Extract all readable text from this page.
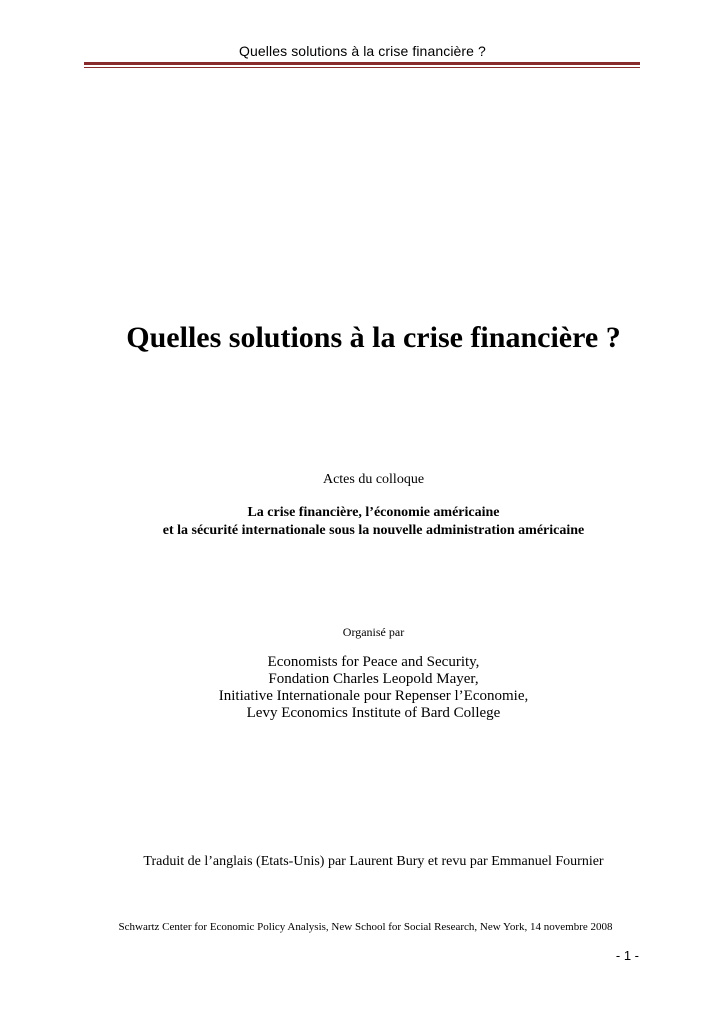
Quelles solutions à la crise financière ?
Quelles solutions à la crise financière ?
Actes du colloque
La crise financière, l’économie américaine
et la sécurité internationale sous la nouvelle administration américaine
Organisé par
Economists for Peace and Security,
Fondation Charles Leopold Mayer,
Initiative Internationale pour Repenser l’Economie,
Levy Economics Institute of Bard College
Traduit de l’anglais (Etats-Unis) par Laurent Bury et revu par Emmanuel Fournier
Schwartz Center for Economic Policy Analysis, New School for Social Research, New York, 14 novembre 2008
- 1 -
